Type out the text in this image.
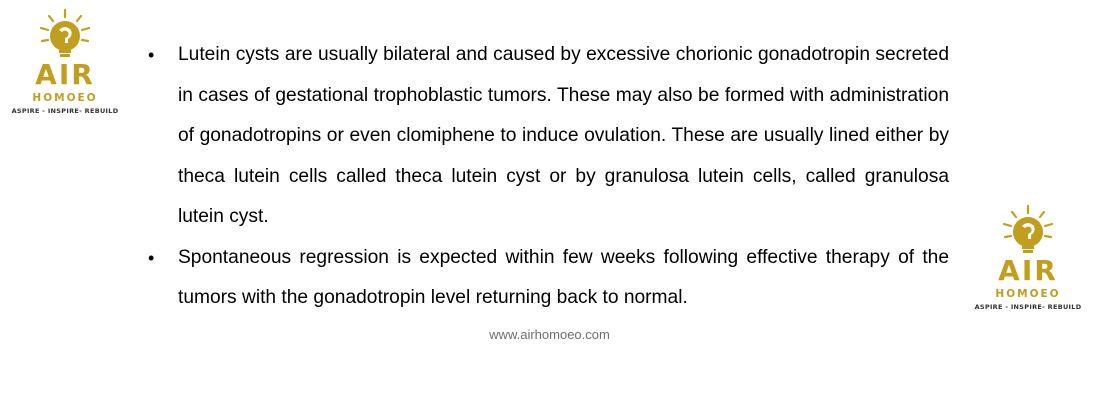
AIR
HOMOEO
ASPIRE - INSPIRE- REBUILD
AIR
HOMOEO
ASPIRE - INSPIRE- REBUILD
• Lutein cysts are usually bilateral and caused by excessive chorionic gonadotropin secreted in cases of gestational trophoblastic tumors. These may also be formed with administration of gonadotropins or even clomiphene to induce ovulation. These are usually lined either by theca lutein cells called theca lutein cyst or by granulosa lutein cells, called granulosa lutein cyst.
• Spontaneous regression is expected within few weeks following effective therapy of the tumors with the gonadotropin level returning back to normal.
www.airhomoeo.com
